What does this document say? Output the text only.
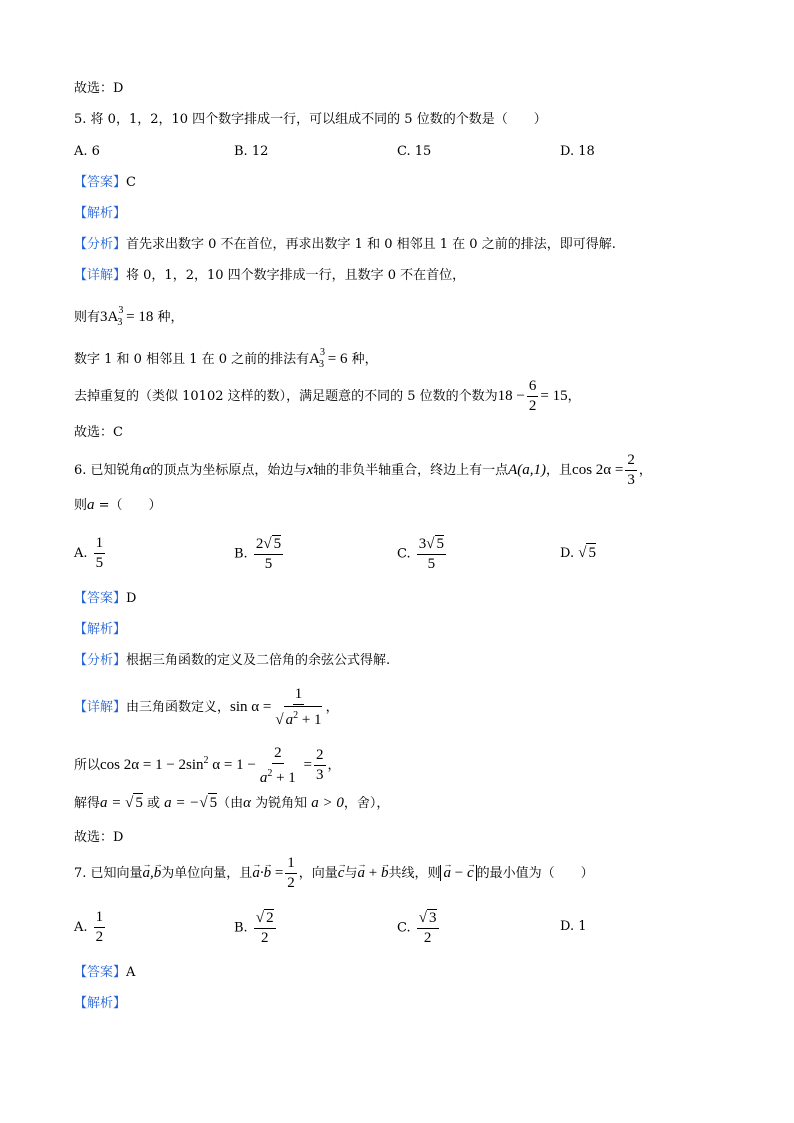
故选：D
5. 将 0，1，2，10 四个数字排成一行，可以组成不同的 5 位数的个数是（　　）
A. 6	B. 12	C. 15	D. 18
【答案】C
【解析】
【分析】首先求出数字 0 不在首位，再求出数字 1 和 0 相邻且 1 在 0 之前的排法，即可得解.
【详解】将 0，1，2，10 四个数字排成一行，且数字 0 不在首位，
则有$3A^3_3 = 18$ 种，
数字 1 和 0 相邻且 1 在 0 之前的排法有$A^3_3 = 6$ 种，
去掉重复的（类似 10102 这样的数），满足题意的不同的 5 位数的个数为$18 - \frac{6}{2} = 15$，
故选：C
6. 已知锐角α的顶点为坐标原点，始边与x轴的非负半轴重合，终边上有一点A(a,1)，且$\cos 2\alpha = \frac{2}{3}$ ，
则a =（　　）
A. $\frac{1}{5}$	B. $\frac{2√ 5}{5}$	C. $\frac{3√ 5}{5}$	D. √ 5
【答案】D
【解析】
【分析】根据三角函数的定义及二倍角的余弦公式得解.
【详解】由三角函数定义，$\sin \alpha = \frac{1}{√ a^2 + 1}$ ，
所以$\cos 2\alpha = 1 - 2\sin^2$ $\alpha = 1 - \frac{2}{a^2 + 1} = \frac{2}{3}$ ，
解得a = √ 5 或 a = −√ 5（由α 为锐角知 a > 0，舍），
故选：D
7. 已知向量→ a,→ b为单位向量，且→ $a\cdot\to b = \frac{1}{2}$ ，向量→ c与→ a + → b共线，则→ a − → c 的最小值为（　　）
A. $\frac{1}{2}$	B. $\frac{√ 2}{2}$	C. $\frac{√ 3}{2}$	D. 1
【答案】A
【解析】
